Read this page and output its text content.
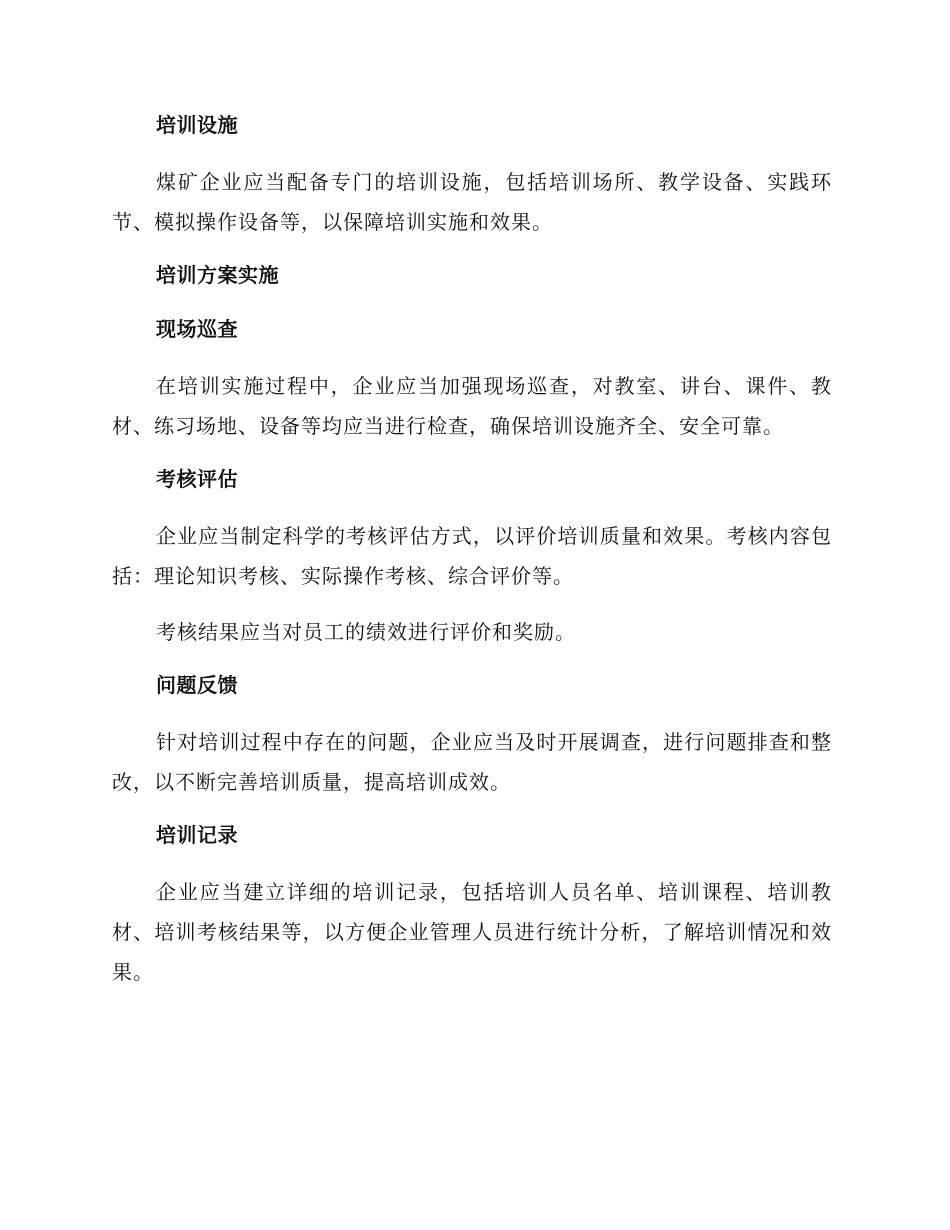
培训设施
煤矿企业应当配备专门的培训设施，包括培训场所、教学设备、实践环节、模拟操作设备等，以保障培训实施和效果。
培训方案实施
现场巡查
在培训实施过程中，企业应当加强现场巡查，对教室、讲台、课件、教材、练习场地、设备等均应当进行检查，确保培训设施齐全、安全可靠。
考核评估
企业应当制定科学的考核评估方式，以评价培训质量和效果。考核内容包括：理论知识考核、实际操作考核、综合评价等。
考核结果应当对员工的绩效进行评价和奖励。
问题反馈
针对培训过程中存在的问题，企业应当及时开展调查，进行问题排查和整改，以不断完善培训质量，提高培训成效。
培训记录
企业应当建立详细的培训记录，包括培训人员名单、培训课程、培训教材、培训考核结果等，以方便企业管理人员进行统计分析，了解培训情况和效果。
